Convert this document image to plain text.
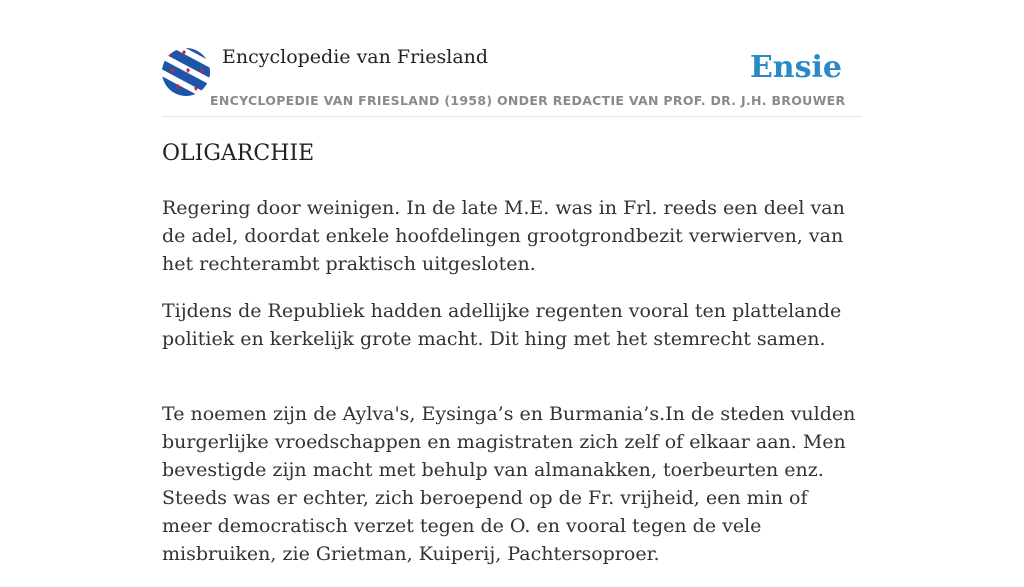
Encyclopedie van Friesland
ENCYCLOPEDIE VAN FRIESLAND (1958) ONDER REDACTIE VAN PROF. DR. J.H. BROUWER
Ensie
OLIGARCHIE

Regering door weinigen. In de late M.E. was in Frl. reeds een deel van de adel, doordat enkele hoofdelingen grootgrondbezit verwierven, van het rechterambt praktisch uitgesloten.

Tijdens de Republiek hadden adellijke regenten vooral ten plattelande politiek en kerkelijk grote macht. Dit hing met het stemrecht samen.

Te noemen zijn de Aylva's, Eysinga’s en Burmania’s.In de steden vulden burgerlijke vroedschappen en magistraten zich zelf of elkaar aan. Men bevestigde zijn macht met behulp van almanakken, toerbeurten enz. Steeds was er echter, zich beroepend op de Fr. vrijheid, een min of meer democratisch verzet tegen de O. en vooral tegen de vele misbruiken, zie Grietman, Kuiperij, Pachtersoproer.
